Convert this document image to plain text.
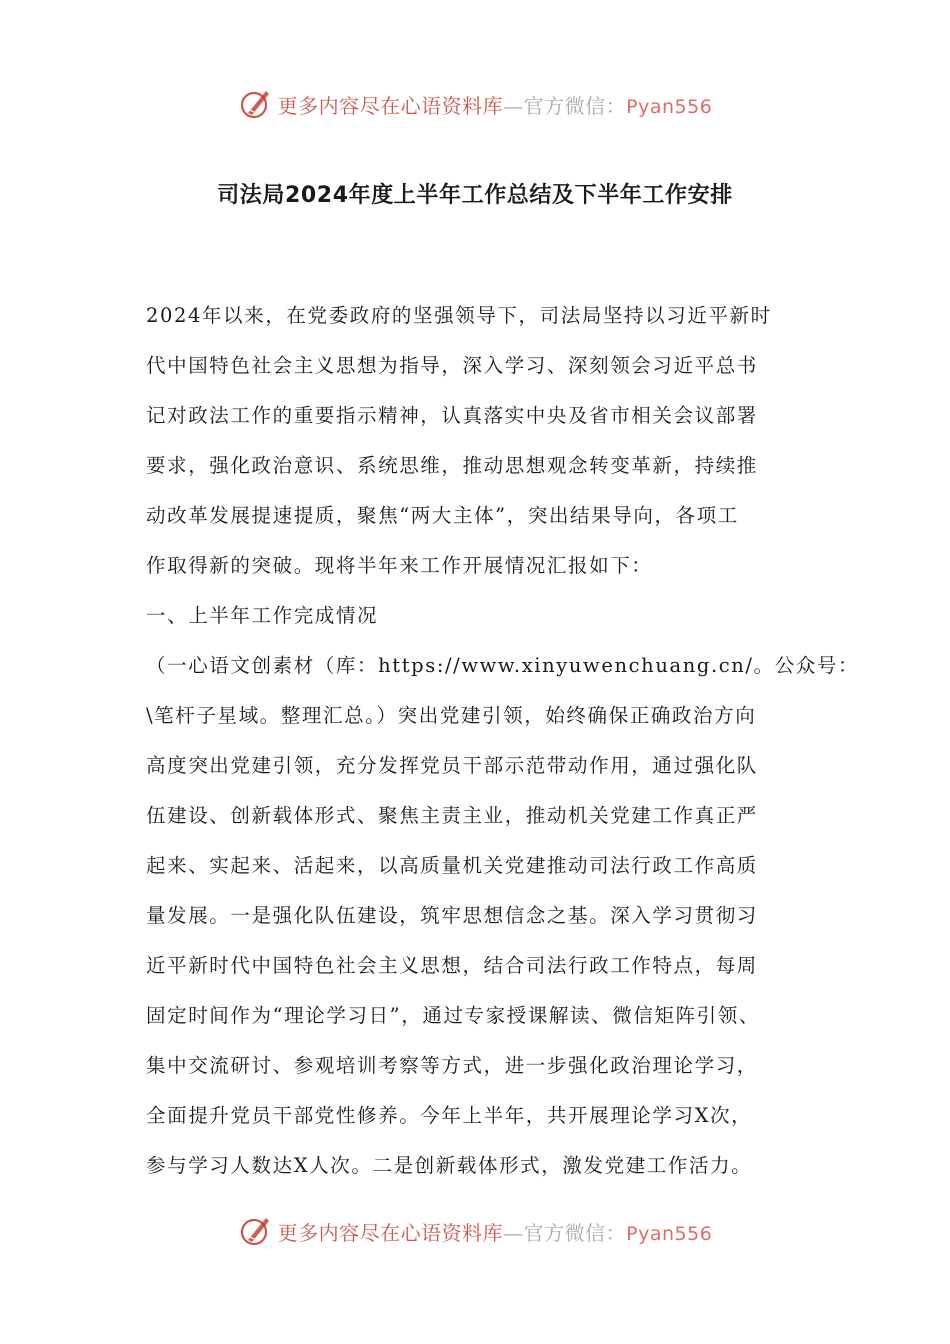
更多内容尽在心语资料库—官方微信：Pyan556
司法局2024年度上半年工作总结及下半年工作安排
2024年以来，在党委政府的坚强领导下，司法局坚持以习近平新时
代中国特色社会主义思想为指导，深入学习、深刻领会习近平总书
记对政法工作的重要指示精神，认真落实中央及省市相关会议部署
要求，强化政治意识、系统思维，推动思想观念转变革新，持续推
动改革发展提速提质，聚焦“两大主体”，突出结果导向，各项工
作取得新的突破。现将半年来工作开展情况汇报如下：
一、上半年工作完成情况
（一心语文创素材（库：https://www.xinyuwenchuang.cn/。公众号：
\笔杆子星域。整理汇总。）突出党建引领，始终确保正确政治方向
高度突出党建引领，充分发挥党员干部示范带动作用，通过强化队
伍建设、创新载体形式、聚焦主责主业，推动机关党建工作真正严
起来、实起来、活起来，以高质量机关党建推动司法行政工作高质
量发展。一是强化队伍建设，筑牢思想信念之基。深入学习贯彻习
近平新时代中国特色社会主义思想，结合司法行政工作特点，每周
固定时间作为“理论学习日”，通过专家授课解读、微信矩阵引领、
集中交流研讨、参观培训考察等方式，进一步强化政治理论学习，
全面提升党员干部党性修养。今年上半年，共开展理论学习X次，
参与学习人数达X人次。二是创新载体形式，激发党建工作活力。
更多内容尽在心语资料库—官方微信：Pyan556
